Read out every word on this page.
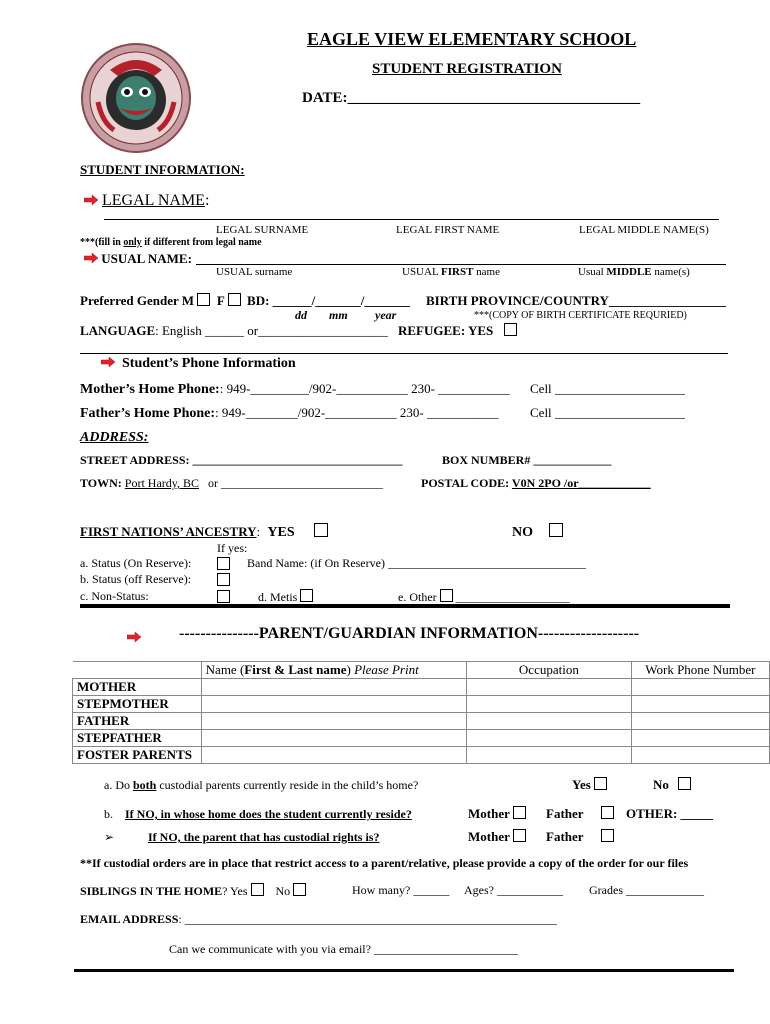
EAGLE VIEW ELEMENTARY SCHOOL
STUDENT REGISTRATION
DATE:_______________________________________
STUDENT INFORMATION:
LEGAL NAME:
LEGAL SURNAME	LEGAL FIRST NAME	LEGAL MIDDLE NAME(S)
***(fill in only if different from legal name
USUAL NAME:
USUAL surname	USUAL FIRST name	Usual MIDDLE name(s)
Preferred Gender M F BD: ______/_______/_______ BIRTH PROVINCE/COUNTRY__________________
dd mm year	***(COPY OF BIRTH CERTIFICATE REQURIED)
LANGUAGE: English ______ or____________________ REFUGEE: YES
Student’s Phone Information
Mother’s Home Phone:: 949-_________/902-___________ 230- ___________ Cell ____________________
Father’s Home Phone:: 949-________/902-___________ 230- ___________ Cell ____________________
ADDRESS:
STREET ADDRESS: ___________________________________	BOX NUMBER# _____________
TOWN: Port Hardy, BC or ___________________________	POSTAL CODE: V0N 2PO /or____________
FIRST NATIONS’ ANCESTRY: YES	NO
If yes:
a. Status (On Reserve):	Band Name: (if On Reserve) _________________________________
b. Status (off Reserve):
c. Non-Status:	d. Metis	e. Other ___________________
---------------PARENT/GUARDIAN INFORMATION-------------------
	Name (First & Last name) Please Print	Occupation	Work Phone Number
MOTHER			
STEPMOTHER			
FATHER			
STEPFATHER			
FOSTER PARENTS			
a. Do both custodial parents currently reside in the child’s home?	Yes	No
b. If NO, in whose home does the student currently reside?	Mother	Father	OTHER: _____
➢	If NO, the parent that has custodial rights is?	Mother	Father
**If custodial orders are in place that restrict access to a parent/relative, please provide a copy of the order for our files
SIBLINGS IN THE HOME? Yes No	How many? ______ Ages? ___________ Grades _____________
EMAIL ADDRESS: ______________________________________________________________
Can we communicate with you via email? ________________________
